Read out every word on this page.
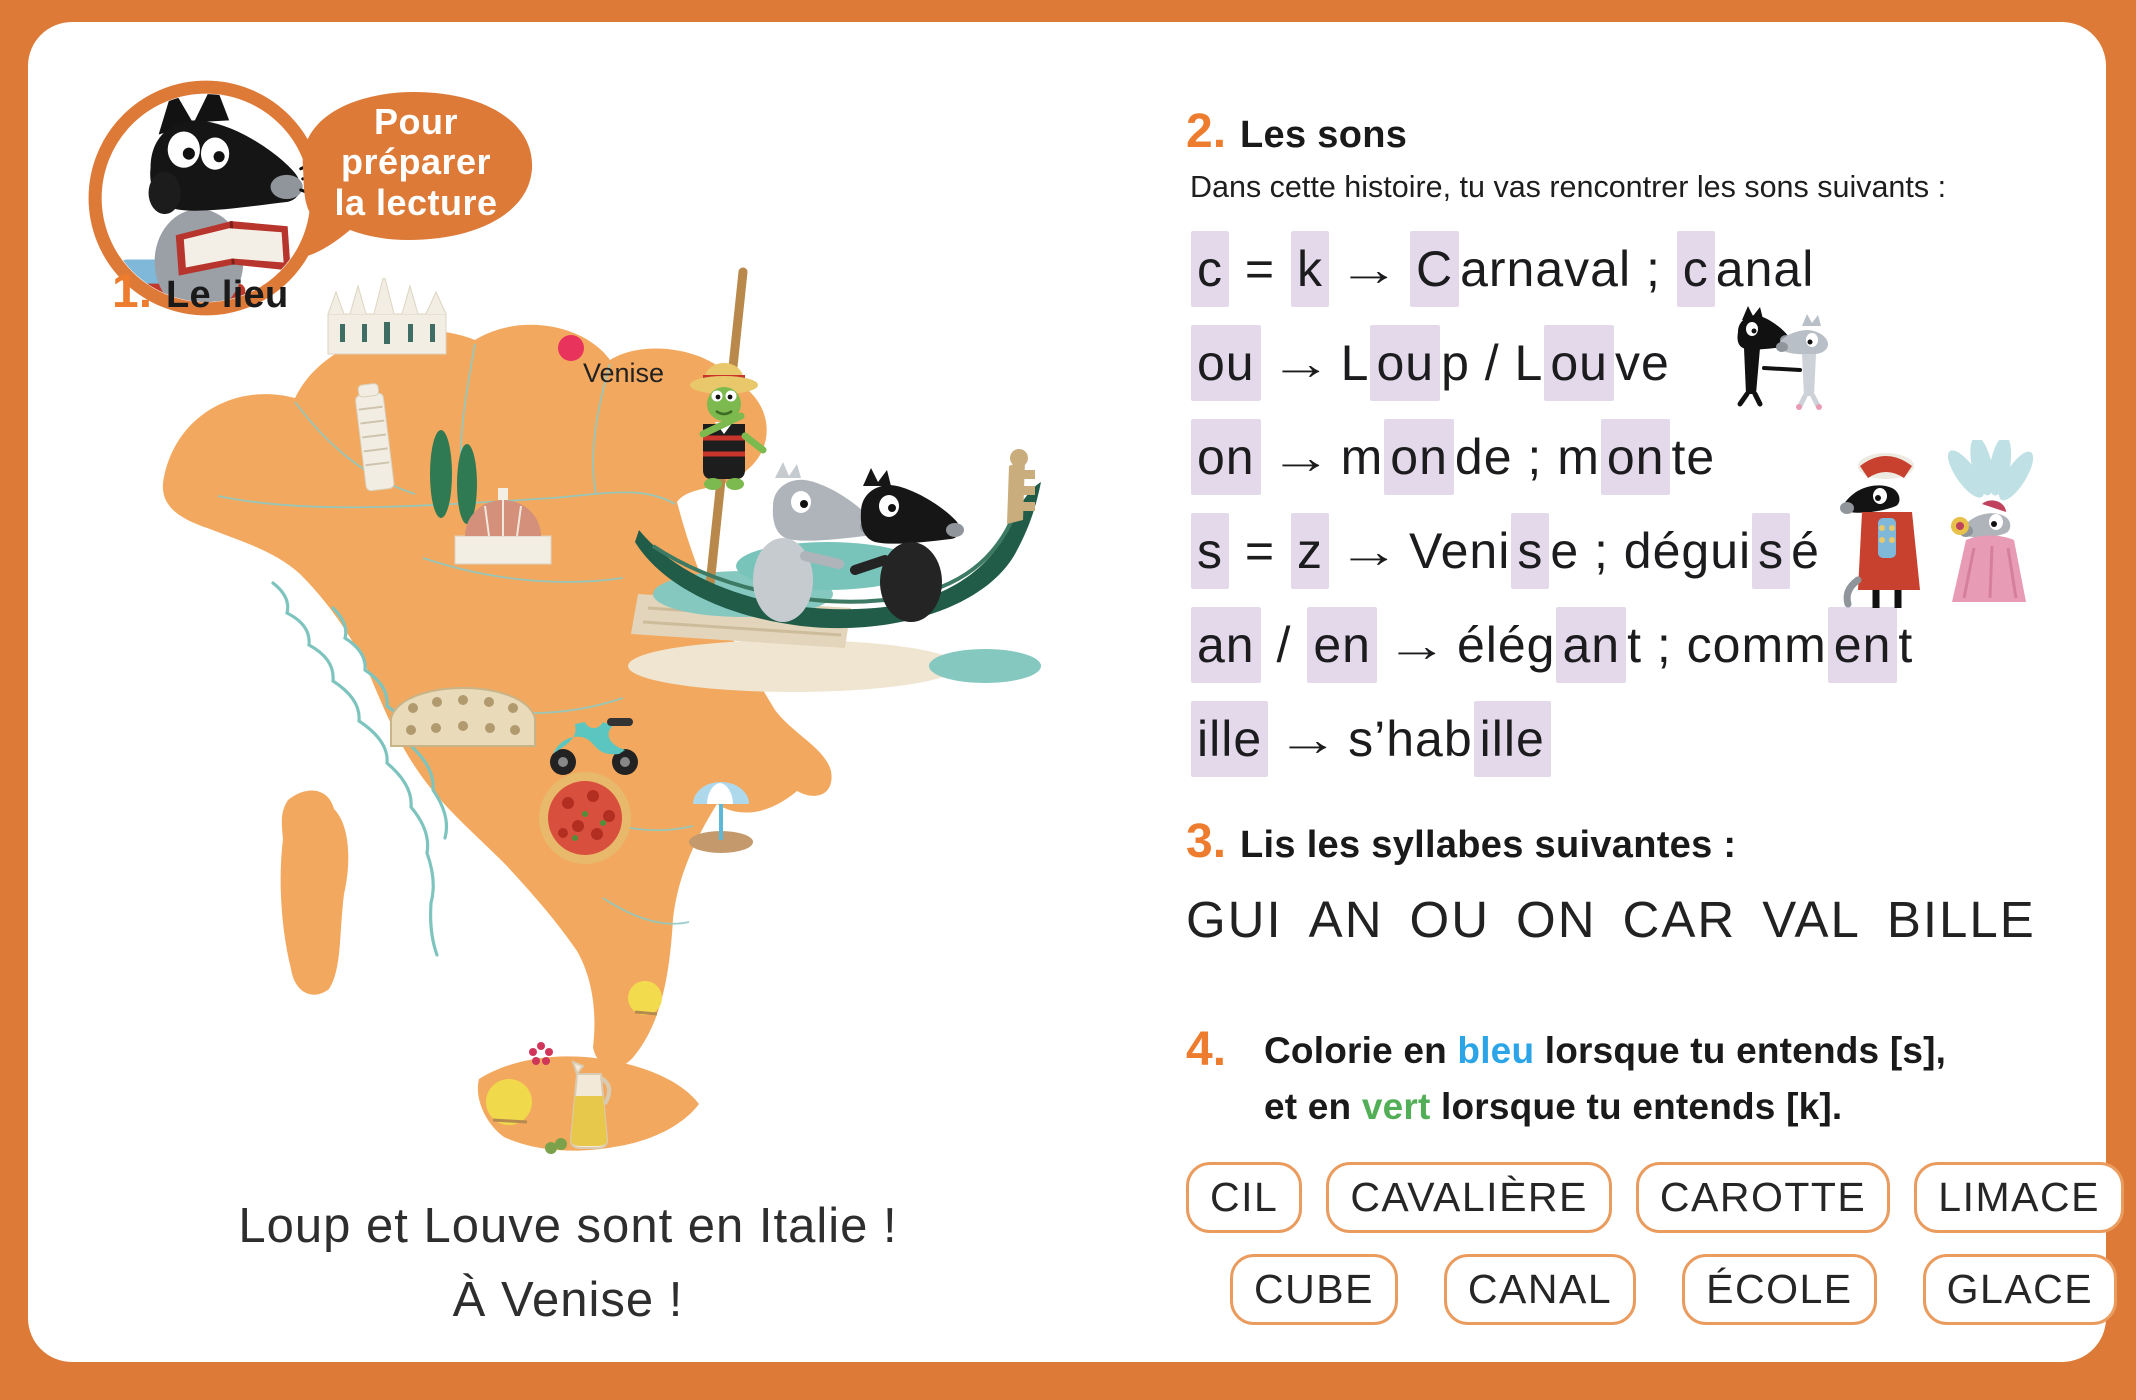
Pour
préparer
la lecture
1. Le lieu
Venise
Loup et Louve sont en Italie !
À Venise !
2. Les sons
Dans cette histoire, tu vas rencontrer les sons suivants :
c = k → C arnaval ; c anal
ou → L ou p / L ou ve
on → m on de ; m on te
s = z → Veni s e ; dégui s é
an / en → élég an t ; comm en t
ille → s’hab ille
3. Lis les syllabes suivantes :
GUI AN OU ON CAR VAL BILLE
4. Colorie en bleu lorsque tu entends [s],
et en vert lorsque tu entends [k].
CIL	CAVALIÈRE	CAROTTE	LIMACE
CUBE	CANAL	ÉCOLE	GLACE
